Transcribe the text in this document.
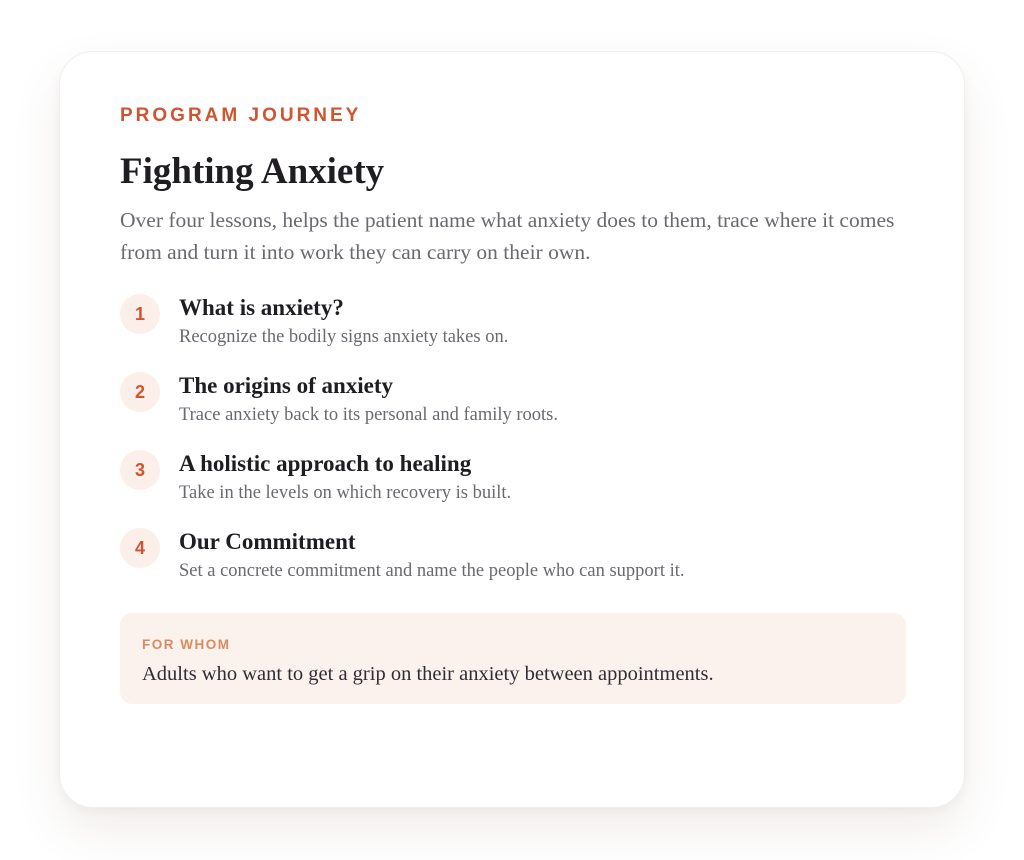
PROGRAM JOURNEY

Fighting Anxiety

Over four lessons, helps the patient name what anxiety does to them, trace where it comes from and turn it into work they can carry on their own.

1	What is anxiety?

Recognize the bodily signs anxiety takes on.

2	The origins of anxiety

Trace anxiety back to its personal and family roots.

3	A holistic approach to healing

Take in the levels on which recovery is built.

4	Our Commitment

Set a concrete commitment and name the people who can support it.

FOR WHOM

Adults who want to get a grip on their anxiety between appointments.
